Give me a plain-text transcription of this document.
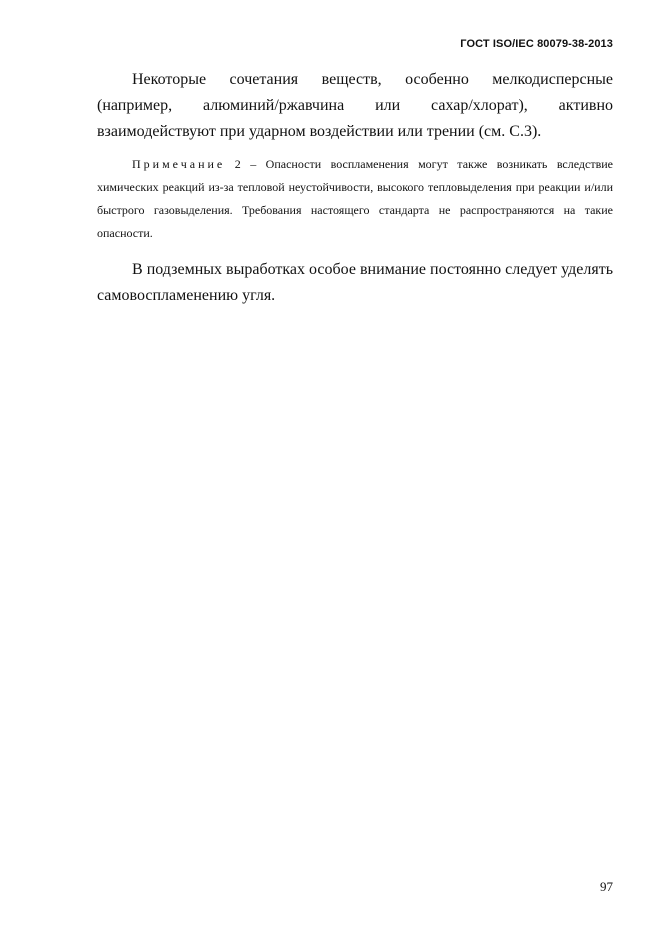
ГОСТ ISO/IEC 80079-38-2013

Некоторые сочетания веществ, особенно мелкодисперсные (например, алюминий/ржавчина или сахар/хлорат), активно взаимодействуют при ударном воздействии или трении (см. С.3).

Примечание 2 – Опасности воспламенения могут также возникать вследствие химических реакций из-за тепловой неустойчивости, высокого тепловыделения при реакции и/или быстрого газовыделения. Требования настоящего стандарта не распространяются на такие опасности.

В подземных выработках особое внимание постоянно следует уделять самовоспламенению угля.

97
